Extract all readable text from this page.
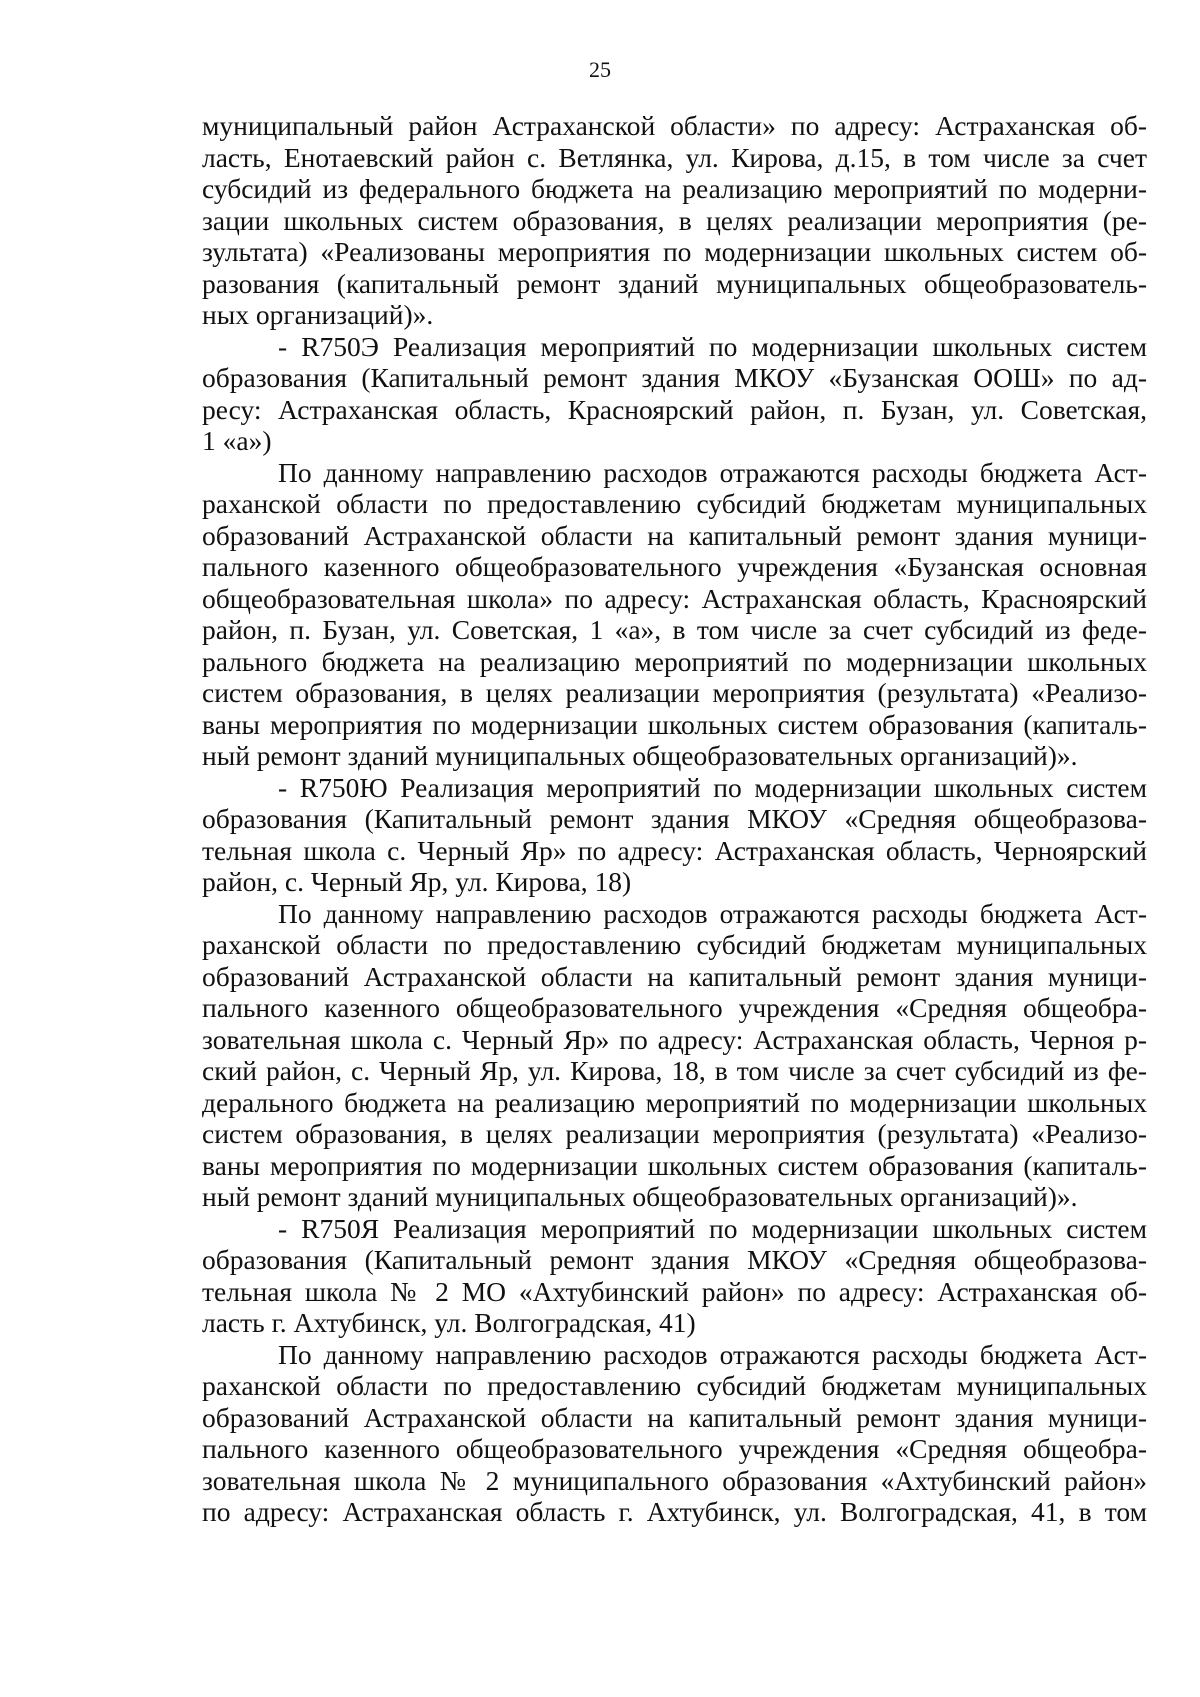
25
муниципальный район Астраханской области» по адресу: Астраханская об-
ласть, Енотаевский район с. Ветлянка, ул. Кирова, д.15, в том числе за счет
субсидий из федерального бюджета на реализацию мероприятий по модерни-
зации школьных систем образования, в целях реализации мероприятия (ре-
зультата) «Реализованы мероприятия по модернизации школьных систем об-
разования (капитальный ремонт зданий муниципальных общеобразователь-
ных организаций)».
- R750Э Реализация мероприятий по модернизации школьных систем
образования (Капитальный ремонт здания МКОУ «Бузанская ООШ» по ад-
ресу: Астраханская область, Красноярский район, п. Бузан, ул. Советская,
1 «а»)
По данному направлению расходов отражаются расходы бюджета Аст-
раханской области по предоставлению субсидий бюджетам муниципальных
образований Астраханской области на капитальный ремонт здания муници-
пального казенного общеобразовательного учреждения «Бузанская основная
общеобразовательная школа» по адресу: Астраханская область, Красноярский
район, п. Бузан, ул. Советская, 1 «а», в том числе за счет субсидий из феде-
рального бюджета на реализацию мероприятий по модернизации школьных
систем образования, в целях реализации мероприятия (результата) «Реализо-
ваны мероприятия по модернизации школьных систем образования (капиталь-
ный ремонт зданий муниципальных общеобразовательных организаций)».
- R750Ю Реализация мероприятий по модернизации школьных систем
образования (Капитальный ремонт здания МКОУ «Средняя общеобразова-
тельная школа с. Черный Яр» по адресу: Астраханская область, Черноярский
район, с. Черный Яр, ул. Кирова, 18)
По данному направлению расходов отражаются расходы бюджета Аст-
раханской области по предоставлению субсидий бюджетам муниципальных
образований Астраханской области на капитальный ремонт здания муници-
пального казенного общеобразовательного учреждения «Средняя общеобра-
зовательная школа с. Черный Яр» по адресу: Астраханская область, Черноя р-
ский район, с. Черный Яр, ул. Кирова, 18, в том числе за счет субсидий из фе-
дерального бюджета на реализацию мероприятий по модернизации школьных
систем образования, в целях реализации мероприятия (результата) «Реализо-
ваны мероприятия по модернизации школьных систем образования (капиталь-
ный ремонт зданий муниципальных общеобразовательных организаций)».
- R750Я Реализация мероприятий по модернизации школьных систем
образования (Капитальный ремонт здания МКОУ «Средняя общеобразова-
тельная школа № 2 МО «Ахтубинский район» по адресу: Астраханская об-
ласть г. Ахтубинск, ул. Волгоградская, 41)
По данному направлению расходов отражаются расходы бюджета Аст-
раханской области по предоставлению субсидий бюджетам муниципальных
образований Астраханской области на капитальный ремонт здания муници-
пального казенного общеобразовательного учреждения «Средняя общеобра-
зовательная школа № 2 муниципального образования «Ахтубинский район»
по адресу: Астраханская область г. Ахтубинск, ул. Волгоградская, 41, в том
